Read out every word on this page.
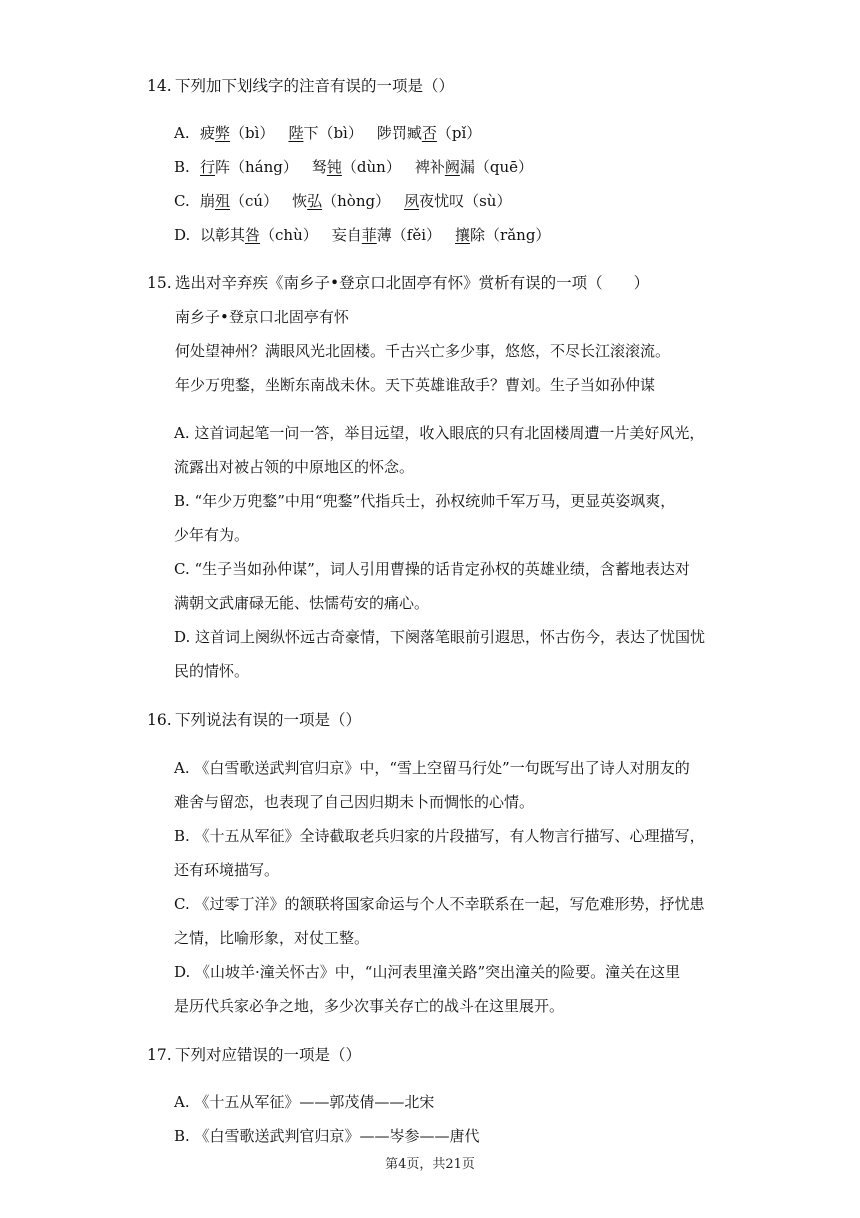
14. 下列加下划线字的注音有误的一项是（）
A. 疲弊（bì） 陛下（bì） 陟罚臧否（pǐ）
B. 行阵（háng） 驽钝（dùn） 裨补阙漏（quē）
C. 崩殂（cú） 恢弘（hòng） 夙夜忧叹（sù）
D. 以彰其咎（chù） 妄自菲薄（fěi） 攘除（rǎng）
15. 选出对辛弃疾《南乡子•登京口北固亭有怀》赏析有误的一项（　　）
南乡子•登京口北固亭有怀
何处望神州？满眼风光北固楼。千古兴亡多少事，悠悠，不尽长江滚滚流。
年少万兜鍪，坐断东南战未休。天下英雄谁敌手？曹刘。生子当如孙仲谋
A. 这首词起笔一问一答，举目远望，收入眼底的只有北固楼周遭一片美好风光，
流露出对被占领的中原地区的怀念。
B. “年少万兜鍪”中用“兜鍪”代指兵士，孙权统帅千军万马，更显英姿飒爽，
少年有为。
C. “生子当如孙仲谋”，词人引用曹操的话肯定孙权的英雄业绩，含蓄地表达对
满朝文武庸碌无能、怯懦苟安的痛心。
D. 这首词上阕纵怀远古奇豪情，下阕落笔眼前引遐思，怀古伤今，表达了忧国忧
民的情怀。
16. 下列说法有误的一项是（）
A. 《白雪歌送武判官归京》中，“雪上空留马行处”一句既写出了诗人对朋友的
难舍与留恋，也表现了自己因归期未卜而惆怅的心情。
B. 《十五从军征》全诗截取老兵归家的片段描写，有人物言行描写、心理描写，
还有环境描写。
C. 《过零丁洋》的颔联将国家命运与个人不幸联系在一起，写危难形势，抒忧患
之情，比喻形象，对仗工整。
D. 《山坡羊·潼关怀古》中，“山河表里潼关路”突出潼关的险要。潼关在这里
是历代兵家必争之地，多少次事关存亡的战斗在这里展开。
17. 下列对应错误的一项是（）
A. 《十五从军征》——郭茂倩——北宋
B. 《白雪歌送武判官归京》——岑参——唐代
第4页，共21页
